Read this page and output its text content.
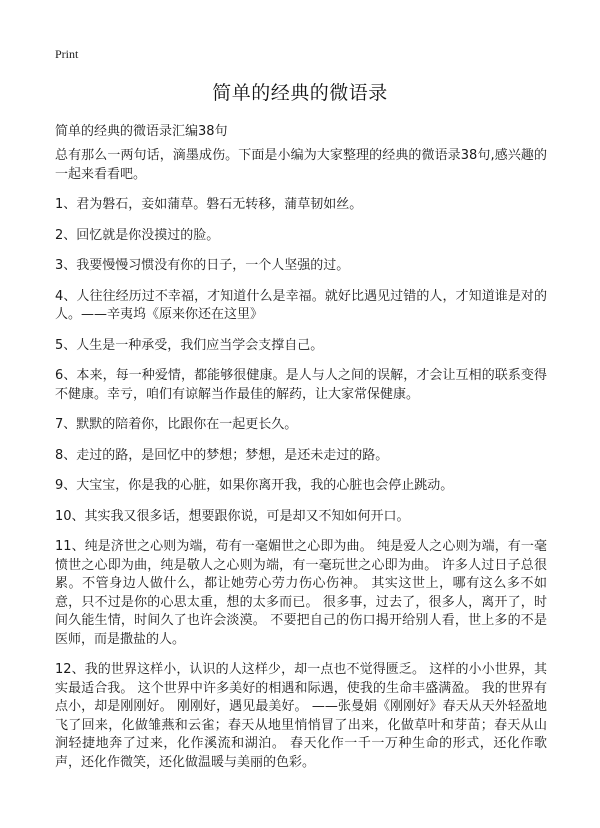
Print
简单的经典的微语录

简单的经典的微语录汇编38句

总有那么一两句话，滴墨成伤。下面是小编为大家整理的经典的微语录38句,感兴趣的一起来看看吧。

1、君为磐石，妾如蒲草。磐石无转移，蒲草韧如丝。

2、回忆就是你没摸过的脸。

3、我要慢慢习惯没有你的日子，一个人坚强的过。

4、人往往经历过不幸福，才知道什么是幸福。就好比遇见过错的人，才知道谁是对的人。——辛夷坞《原来你还在这里》

5、人生是一种承受，我们应当学会支撑自己。

6、本来，每一种爱情，都能够很健康。是人与人之间的误解，才会让互相的联系变得不健康。幸亏，咱们有谅解当作最佳的解药，让大家常保健康。

7、默默的陪着你，比跟你在一起更长久。

8、走过的路，是回忆中的梦想；梦想，是还未走过的路。

9、大宝宝，你是我的心脏，如果你离开我，我的心脏也会停止跳动。

10、其实我又很多话，想要跟你说，可是却又不知如何开口。

11、纯是济世之心则为端，苟有一毫媚世之心即为曲。 纯是爱人之心则为端，有一毫愤世之心即为曲，纯是敬人之心则为端，有一毫玩世之心即为曲。 许多人过日子总很累。不管身边人做什么，都让她劳心劳力伤心伤神。 其实这世上，哪有这么多不如意，只不过是你的心思太重，想的太多而已。 很多事，过去了，很多人，离开了，时间久能生情，时间久了也许会淡漠。 不要把自己的伤口揭开给别人看，世上多的不是医师，而是撒盐的人。

12、我的世界这样小，认识的人这样少，却一点也不觉得匮乏。 这样的小小世界，其实最适合我。 这个世界中许多美好的相遇和际遇，使我的生命丰盛满盈。 我的世界有点小，却是刚刚好。 刚刚好，遇见最美好。 ——张曼娟《刚刚好》春天从天外轻盈地飞了回来，化做雏燕和云雀；春天从地里悄悄冒了出来，化做草叶和芽苗；春天从山涧轻捷地奔了过来，化作溪流和湖泊。 春天化作一千一万种生命的形式，还化作歌声，还化作微笑，还化做温暖与美丽的色彩。
